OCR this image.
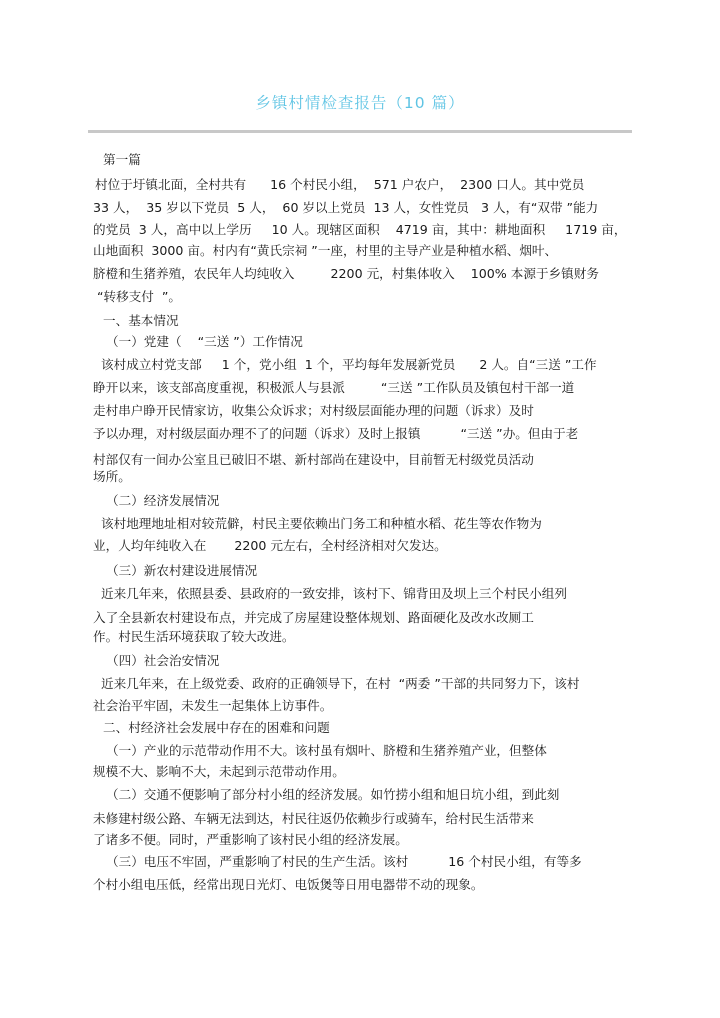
乡镇村情检查报告（10 篇）
第一篇
村位于圩镇北面，全村共有      16 个村民小组，  571 户农户，  2300 口人。其中党员
33 人，  35 岁以下党员  5 人，  60 岁以上党员  13 人，女性党员   3 人，有“双带 ”能力
的党员  3 人，高中以上学历     10 人。现辖区面积    4719 亩，其中：耕地面积     1719 亩，
山地面积  3000 亩。村内有“黄氏宗祠 ”一座，村里的主导产业是种植水稻、烟叶、
脐橙和生猪养殖，农民年人均纯收入         2200 元，村集体收入    100% 本源于乡镇财务
“转移支付  ”。
一、基本情况
（一）党建（    “三送 ”）工作情况
该村成立村党支部     1 个，党小组  1 个，平均每年发展新党员      2 人。自“三送 ”工作
睁开以来，该支部高度重视，积极派人与县派         “三送 ”工作队员及镇包村干部一道
走村串户睁开民情家访，收集公众诉求；对村级层面能办理的问题（诉求）及时
予以办理，对村级层面办理不了的问题（诉求）及时上报镇          “三送 ”办。但由于老
村部仅有一间办公室且已破旧不堪、新村部尚在建设中，目前暂无村级党员活动
场所。
（二）经济发展情况
该村地理地址相对较荒僻，村民主要依赖出门务工和种植水稻、花生等农作物为
业，人均年纯收入在       2200 元左右，全村经济相对欠发达。
（三）新农村建设进展情况
近来几年来，依照县委、县政府的一致安排，该村下、锦背田及坝上三个村民小组列
入了全县新农村建设布点，并完成了房屋建设整体规划、路面硬化及改水改厕工
作。村民生活环境获取了较大改进。
（四）社会治安情况
近来几年来，在上级党委、政府的正确领导下，在村  “两委 ”干部的共同努力下，该村
社会治平牢固，未发生一起集体上访事件。
二、村经济社会发展中存在的困难和问题
（一）产业的示范带动作用不大。该村虽有烟叶、脐橙和生猪养殖产业，但整体
规模不大、影响不大，未起到示范带动作用。
（二）交通不便影响了部分村小组的经济发展。如竹捞小组和旭日坑小组，到此刻
未修建村级公路、车辆无法到达，村民往返仍依赖步行或骑车，给村民生活带来
了诸多不便。同时，严重影响了该村民小组的经济发展。
（三）电压不牢固，严重影响了村民的生产生活。该村          16 个村民小组，有等多
个村小组电压低，经常出现日光灯、电饭煲等日用电器带不动的现象。
